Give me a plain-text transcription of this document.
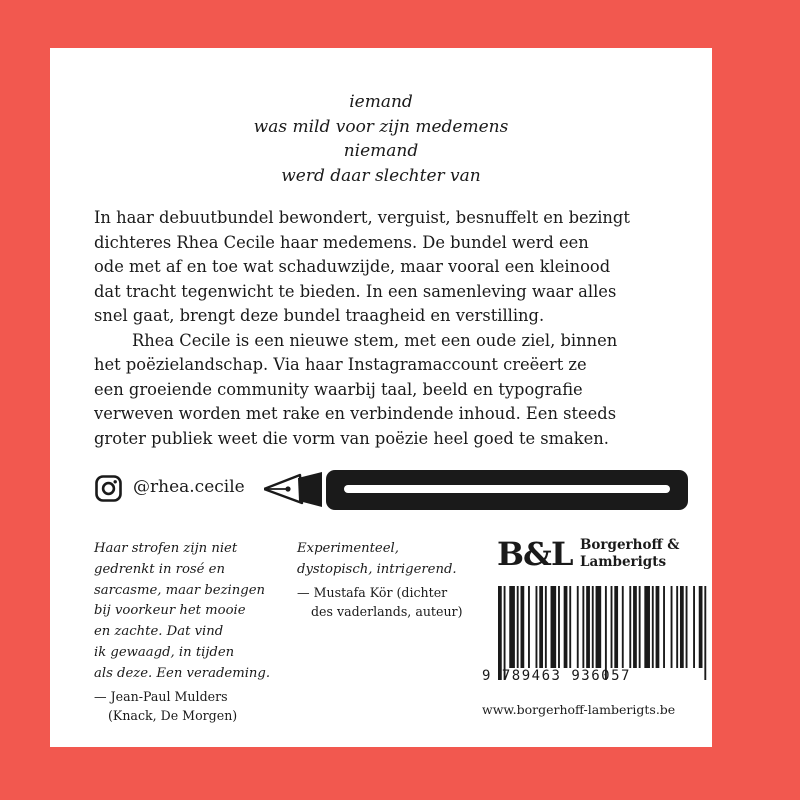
iemand
was mild voor zijn medemens
niemand
werd daar slechter van

In haar debuutbundel bewondert, verguist, besnuffelt en bezingt

dichteres Rhea Cecile haar medemens. De bundel werd een

ode met af en toe wat schaduwzijde, maar vooral een kleinood

dat tracht tegenwicht te bieden. In een samenleving waar alles

snel gaat, brengt deze bundel traagheid en verstilling.

Rhea Cecile is een nieuwe stem, met een oude ziel, binnen

het poëzielandschap. Via haar Instagramaccount creëert ze

een groeiende community waarbij taal, beeld en typografie

verweven worden met rake en verbindende inhoud. Een steeds

groter publiek weet die vorm van poëzie heel goed te smaken.

@rhea.cecile
Haar strofen zijn niet
gedrenkt in rosé en
sarcasme, maar bezingen
bij voorkeur het mooie
en zachte. Dat vind
ik gewaagd, in tijden
als deze. Een verademing.
— Jean-Paul Mulders
(Knack, De Morgen)
Experimenteel,
dystopisch, intrigerend.
— Mustafa Kör (dichter
des vaderlands, auteur)
B&L Borgerhoff &
Lamberigts
9 789463 936057
www.borgerhoff-lamberigts.be
